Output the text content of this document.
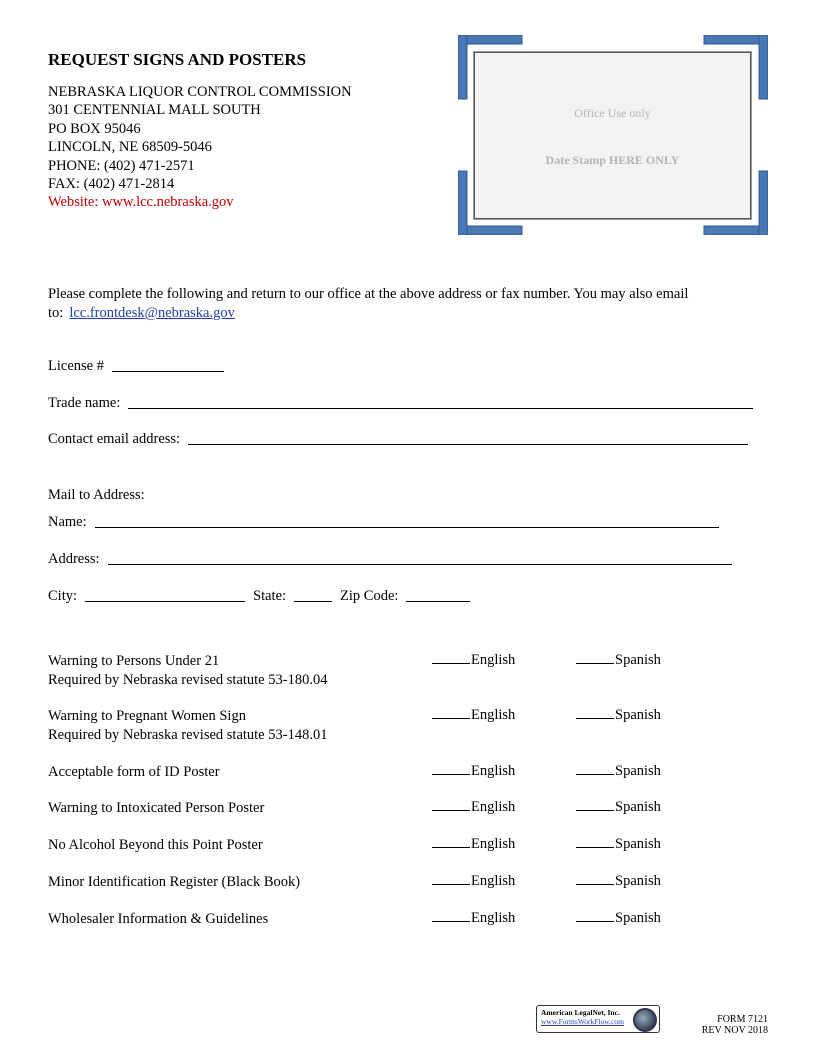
REQUEST SIGNS AND POSTERS
NEBRASKA LIQUOR CONTROL COMMISSION
301 CENTENNIAL MALL SOUTH
PO BOX 95046
LINCOLN, NE 68509-5046
PHONE: (402) 471-2571
FAX: (402) 471-2814
Website: www.lcc.nebraska.gov
Office Use only
Date Stamp HERE ONLY
Please complete the following and return to our office at the above address or fax number. You may also email to: lcc.frontdesk@nebraska.gov
License #
Trade name:
Contact email address:
Mail to Address:
Name:
Address:
City:	State:	Zip Code:
Warning to Persons Under 21
Required by Nebraska revised statute 53-180.04
English	Spanish
Warning to Pregnant Women Sign
Required by Nebraska revised statute 53-148.01
English	Spanish
Acceptable form of ID Poster	English	Spanish
Warning to Intoxicated Person Poster	English	Spanish
No Alcohol Beyond this Point Poster	English	Spanish
Minor Identification Register (Black Book)	English	Spanish
Wholesaler Information & Guidelines	English	Spanish
American LegalNet, Inc.
www.FormsWorkFlow.com	FORM 7121
REV NOV 2018
